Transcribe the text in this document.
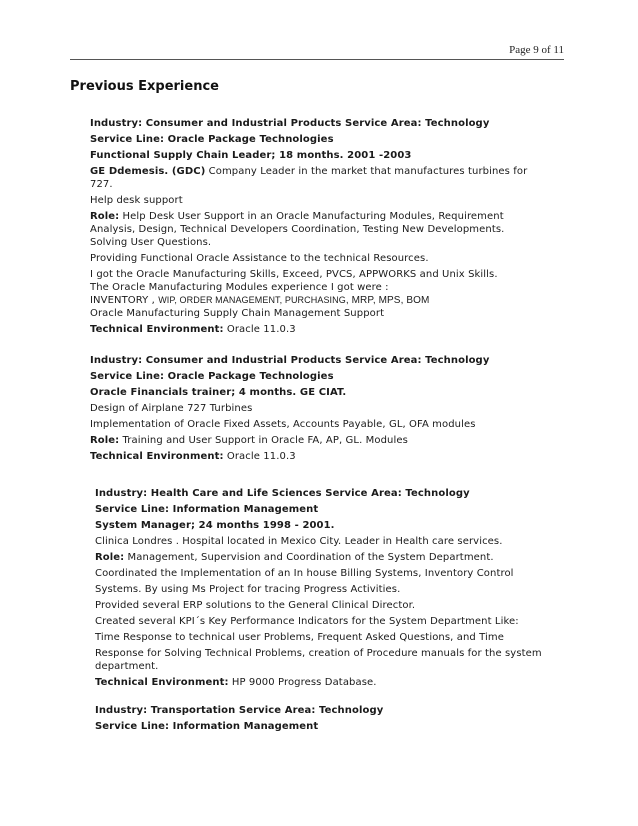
Page 9 of 11
Previous Experience

Industry: Consumer and Industrial Products Service Area: Technology

Service Line: Oracle Package Technologies

Functional Supply Chain Leader; 18 months. 2001 -2003

GE Ddemesis. (GDC) Company Leader in the market that manufactures turbines for

727.

Help desk support

Role: Help Desk User Support in an Oracle Manufacturing Modules, Requirement

Analysis, Design, Technical Developers Coordination, Testing New Developments.

Solving User Questions.

Providing Functional Oracle Assistance to the technical Resources.

I got the Oracle Manufacturing Skills, Exceed, PVCS, APPWORKS and Unix Skills.

The Oracle Manufacturing Modules experience I got were :

INVENTORY , WIP, ORDER MANAGEMENT, PURCHASING, MRP, MPS, BOM

Oracle Manufacturing Supply Chain Management Support

Technical Environment: Oracle 11.0.3

Industry: Consumer and Industrial Products Service Area: Technology

Service Line: Oracle Package Technologies

Oracle Financials trainer; 4 months. GE CIAT.

Design of Airplane 727 Turbines

Implementation of Oracle Fixed Assets, Accounts Payable, GL, OFA modules

Role: Training and User Support in Oracle FA, AP, GL. Modules

Technical Environment: Oracle 11.0.3

Industry: Health Care and Life Sciences Service Area: Technology

Service Line: Information Management

System Manager; 24 months 1998 - 2001.

Clinica Londres . Hospital located in Mexico City. Leader in Health care services.

Role: Management, Supervision and Coordination of the System Department.

Coordinated the Implementation of an In house Billing Systems, Inventory Control

Systems. By using Ms Project for tracing Progress Activities.

Provided several ERP solutions to the General Clinical Director.

Created several KPI´s Key Performance Indicators for the System Department Like:

Time Response to technical user Problems, Frequent Asked Questions, and Time

Response for Solving Technical Problems, creation of Procedure manuals for the system

department.

Technical Environment: HP 9000 Progress Database.

Industry: Transportation Service Area: Technology

Service Line: Information Management
